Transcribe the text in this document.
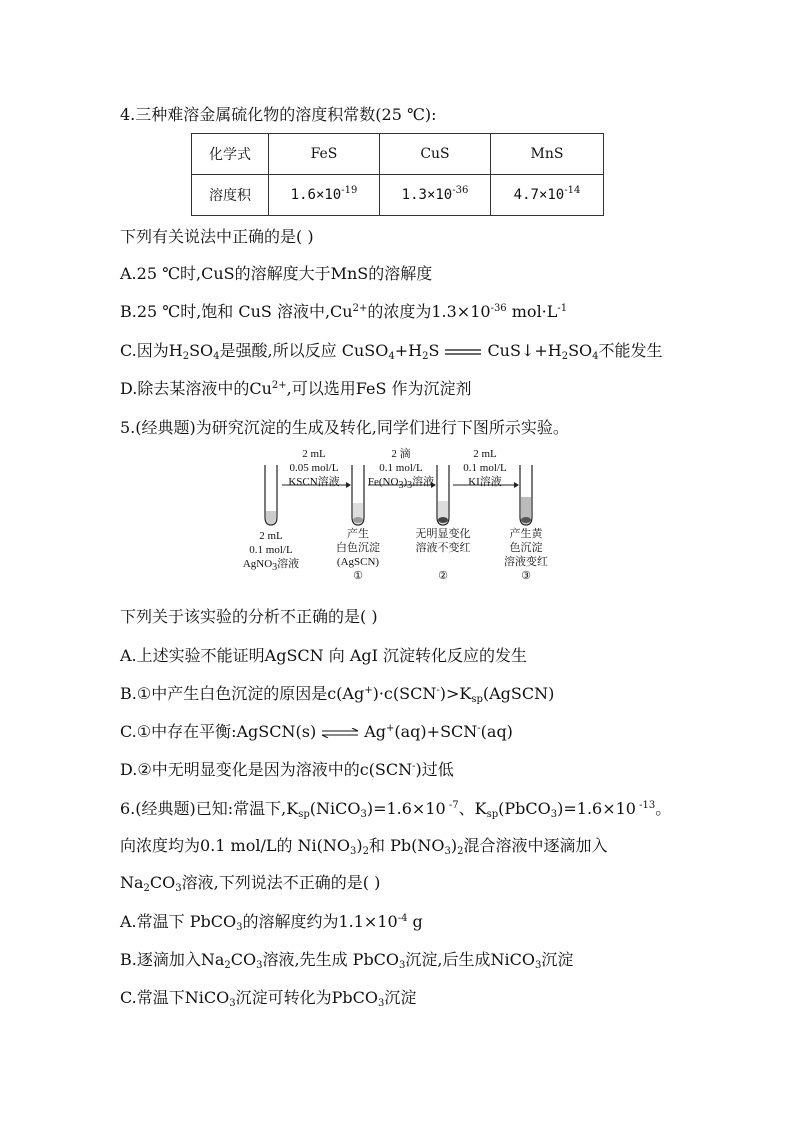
4.三种难溶金属硫化物的溶度积常数(25 ℃):
化学式	FeS	CuS	MnS
溶度积	$1.6\times 10^{-19}$	$1.3\times 10^{-36}$	$4.7\times 10^{-14}$
下列有关说法中正确的是( )
A.25 ℃时,CuS的溶解度大于MnS的溶解度
B.25 ℃时,饱和 CuS 溶液中$,Cu^{2+}$的浓度为$1.3\times 10^{-36}$ $mol\cdot L^{-1}$
C.因为H2SO4是强酸,所以反应 CuSO4+H2S	CuS↓+H2SO4不能发生
D.除去某溶液中的$Cu^{2+}$,可以选用FeS 作为沉淀剂
5.(经典题)为研究沉淀的生成及转化,同学们进行下图所示实验。
2 mL
0.05 mol/L
KSCN溶液
2 滴
0.1 mol/L
Fe(NO3)3溶液
2 mL
0.1 mol/L
KI溶液
2 mL
0.1 mol/L
AgNO3溶液
产生
白色沉淀
(AgSCN)
①
无明显变化
溶液不变红
②
产生黄
色沉淀
溶液变红
③
下列关于该实验的分析不正确的是( )
A.上述实验不能证明AgSCN 向 AgI 沉淀转化反应的发生
B.①中产生白色沉淀的原因是c(Ag+)·c(SCN-)>Ksp(AgSCN)
C.①中存在平衡:AgSCN(s) ⇌ Ag+(aq)+SCN-(aq)
D.②中无明显变化是因为溶液中的c(SCN-)过低
6.(经典题)已知:常温下,Ksp(NiCO3)=1.6×10 $^{-7}$、Ksp(PbCO3)=1.6×10 $^{-13}$。
向浓度均为0.1 mol/L的 Ni(NO3)2和 Pb(NO3)2混合溶液中逐滴加入
Na2CO3溶液,下列说法不正确的是( )
A.常温下 PbCO3的溶解度约为$1.1\times 10^{-4}$ g
B.逐滴加入Na2CO3溶液,先生成 PbCO3沉淀,后生成NiCO3沉淀
C.常温下NiCO3沉淀可转化为PbCO3沉淀
